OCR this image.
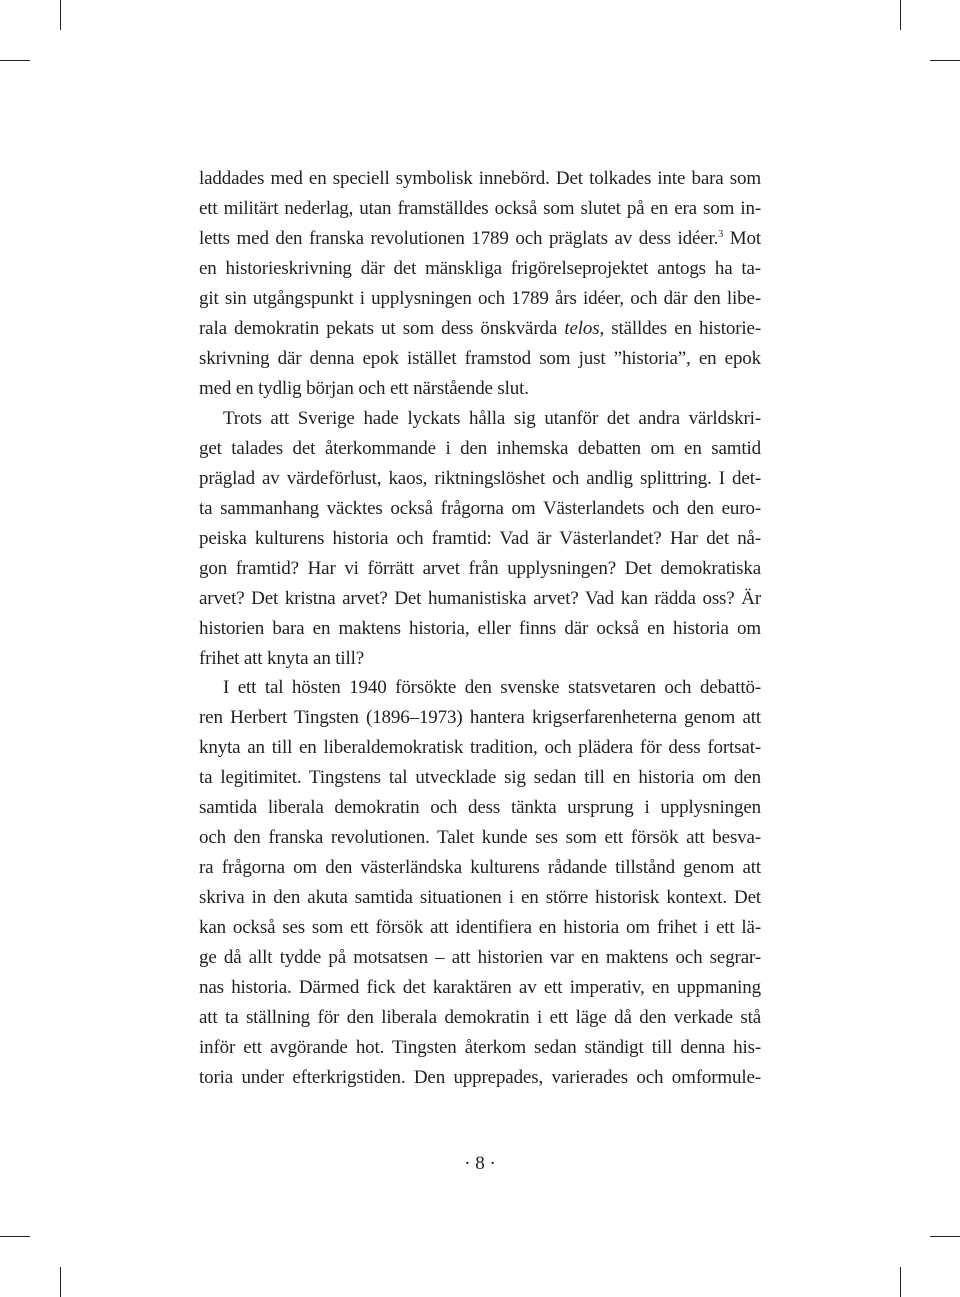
laddades med en speciell symbolisk innebörd. Det tolkades inte bara som
ett militärt nederlag, utan framställdes också som slutet på en era som in-
letts med den franska revolutionen 1789 och präglats av dess idéer.$^3$ Mot
en historieskrivning där det mänskliga frigörelseprojektet antogs ha ta-
git sin utgångspunkt i upplysningen och 1789 års idéer, och där den libe-
rala demokratin pekats ut som dess önskvärda telos, ställdes en historie-
skrivning där denna epok istället framstod som just ”historia”, en epok
med en tydlig början och ett närstående slut.
Trots att Sverige hade lyckats hålla sig utanför det andra världskri-
get talades det återkommande i den inhemska debatten om en samtid
präglad av värdeförlust, kaos, riktningslöshet och andlig splittring. I det-
ta sammanhang väcktes också frågorna om Västerlandets och den euro-
peiska kulturens historia och framtid: Vad är Västerlandet? Har det nå-
gon framtid? Har vi förrätt arvet från upplysningen? Det demokratiska
arvet? Det kristna arvet? Det humanistiska arvet? Vad kan rädda oss? Är
historien bara en maktens historia, eller finns där också en historia om
frihet att knyta an till?
I ett tal hösten 1940 försökte den svenske statsvetaren och debattö-
ren Herbert Tingsten (1896–1973) hantera krigserfarenheterna genom att
knyta an till en liberaldemokratisk tradition, och plädera för dess fortsat-
ta legitimitet. Tingstens tal utvecklade sig sedan till en historia om den
samtida liberala demokratin och dess tänkta ursprung i upplysningen
och den franska revolutionen. Talet kunde ses som ett försök att besva-
ra frågorna om den västerländska kulturens rådande tillstånd genom att
skriva in den akuta samtida situationen i en större historisk kontext. Det
kan också ses som ett försök att identifiera en historia om frihet i ett lä-
ge då allt tydde på motsatsen – att historien var en maktens och segrar-
nas historia. Därmed fick det karaktären av ett imperativ, en uppmaning
att ta ställning för den liberala demokratin i ett läge då den verkade stå
inför ett avgörande hot. Tingsten återkom sedan ständigt till denna his-
toria under efterkrigstiden. Den upprepades, varierades och omformule-
· 8 ·
